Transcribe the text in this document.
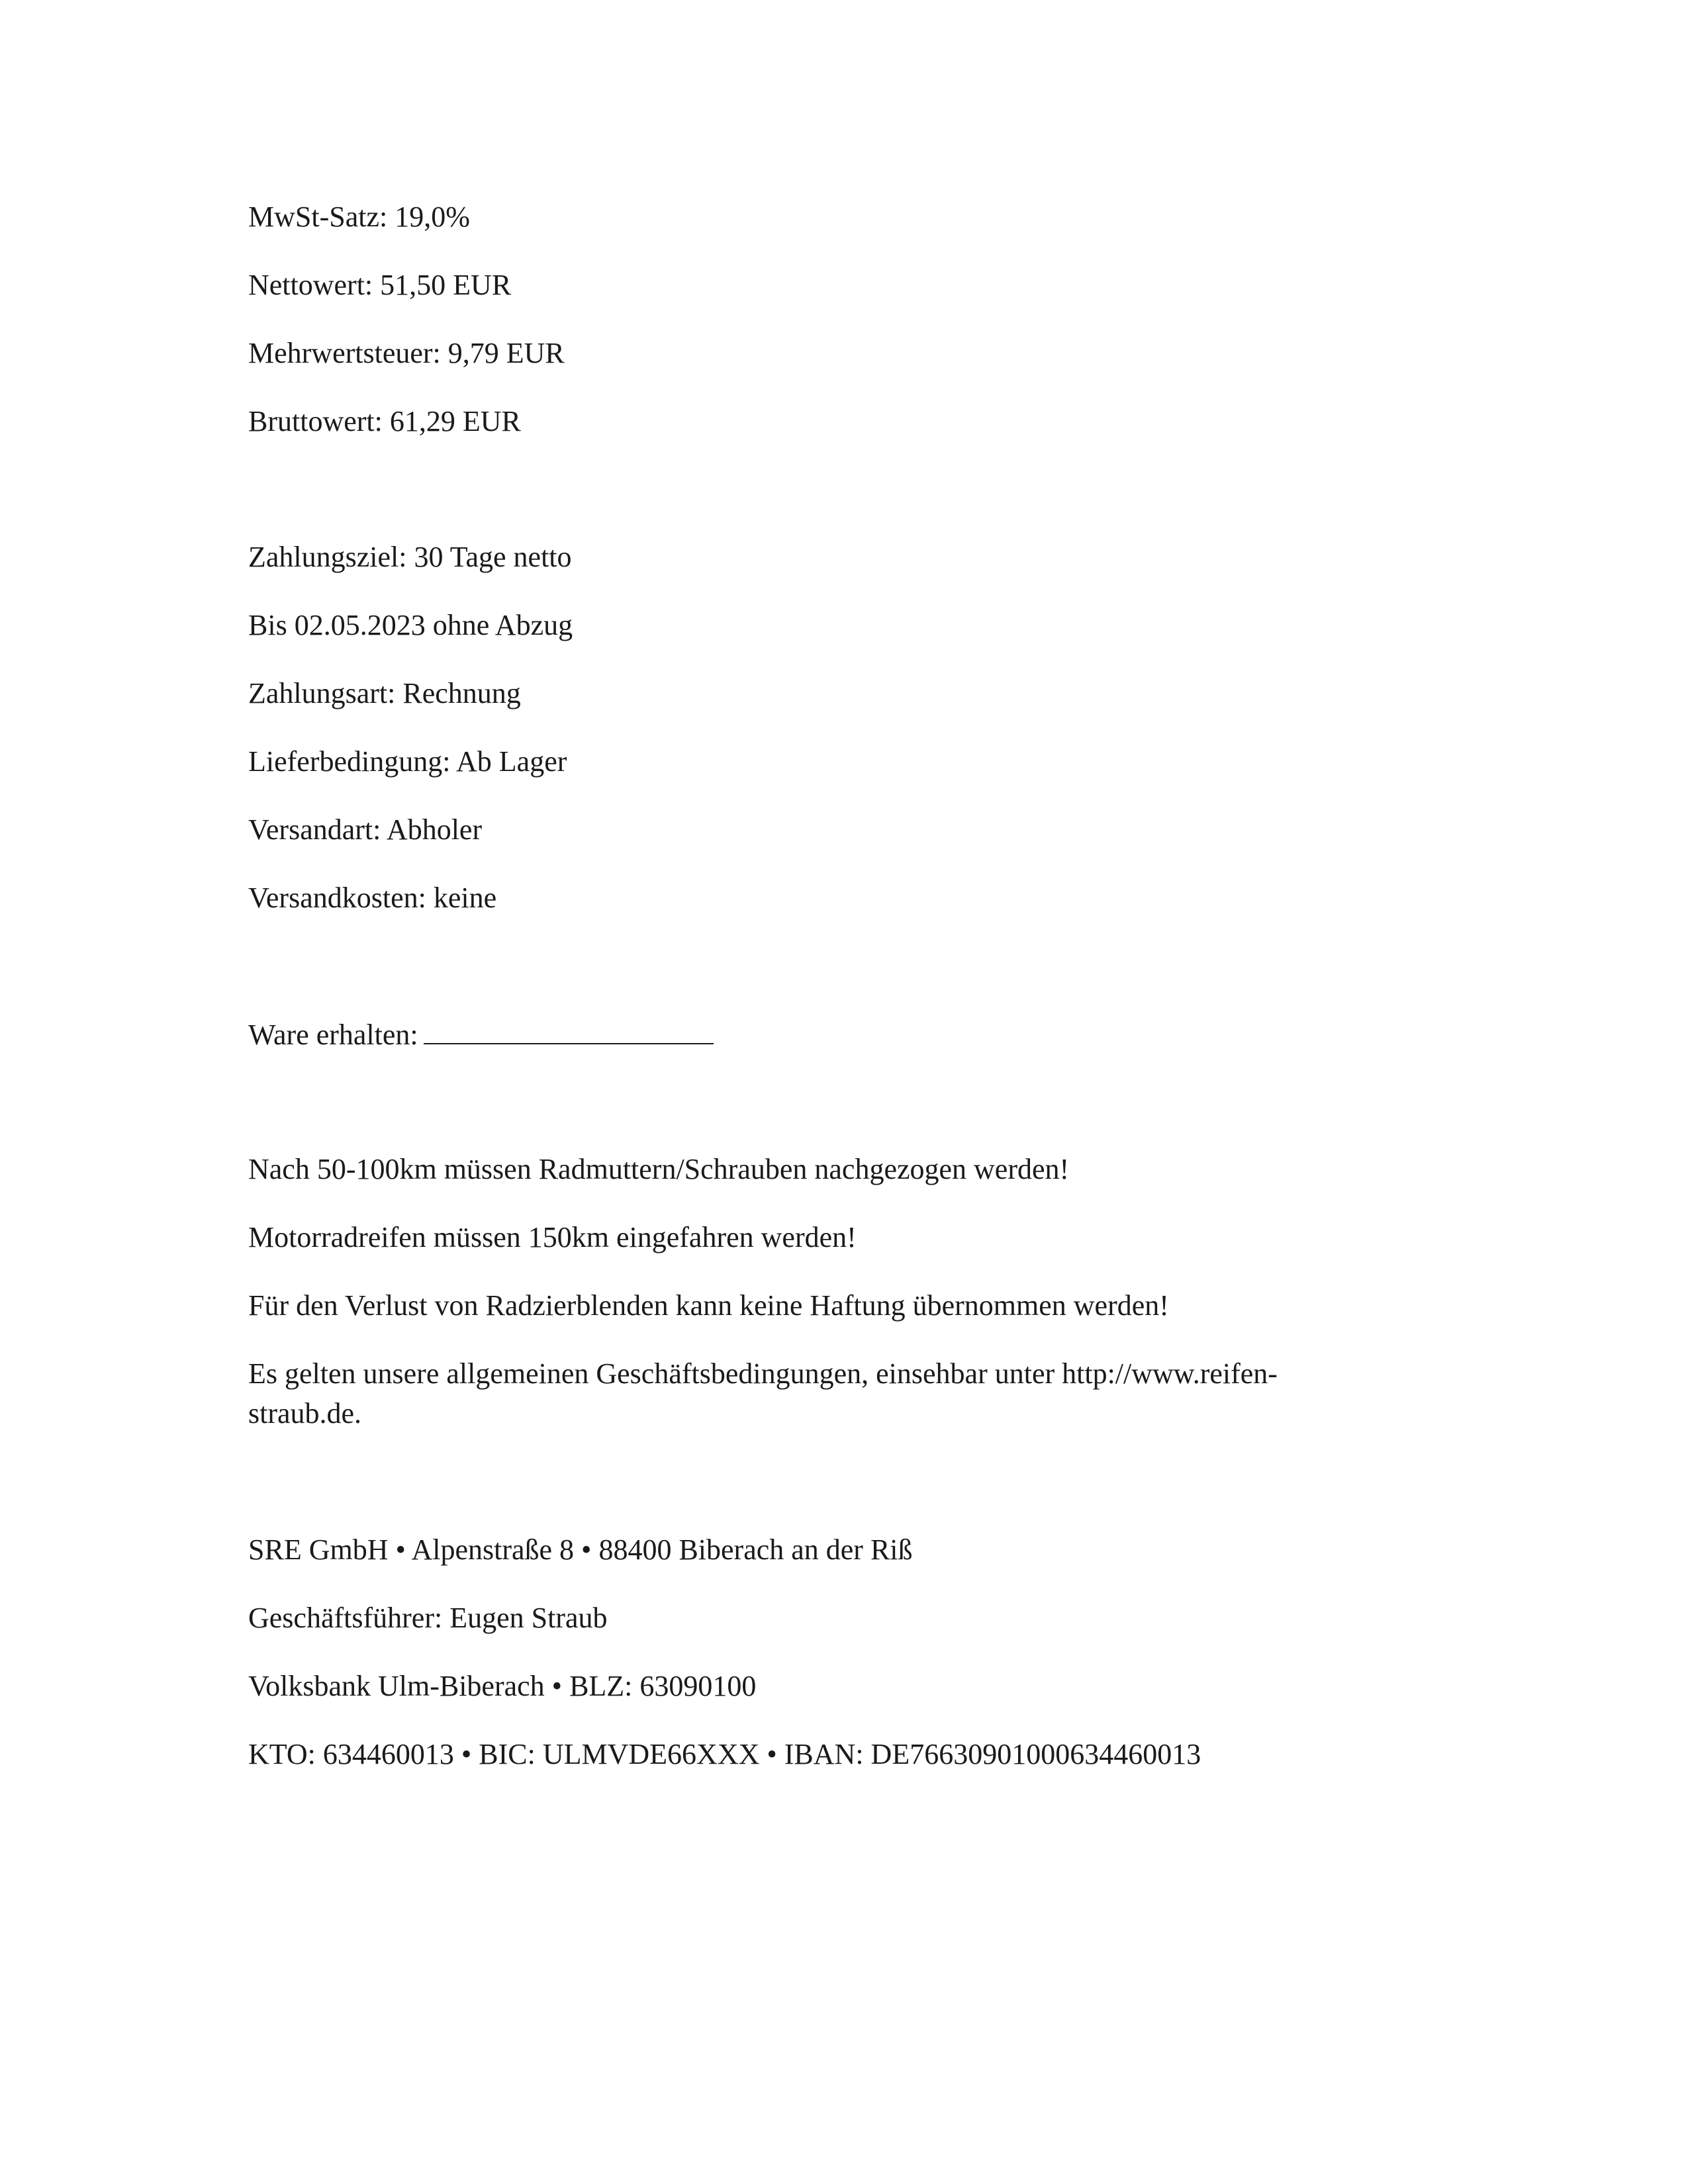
MwSt-Satz: 19,0%
Nettowert: 51,50 EUR
Mehrwertsteuer: 9,79 EUR
Bruttowert: 61,29 EUR
Zahlungsziel: 30 Tage netto
Bis 02.05.2023 ohne Abzug
Zahlungsart: Rechnung
Lieferbedingung: Ab Lager
Versandart: Abholer
Versandkosten: keine
Ware erhalten:
Nach 50-100km müssen Radmuttern/Schrauben nachgezogen werden!
Motorradreifen müssen 150km eingefahren werden!
Für den Verlust von Radzierblenden kann keine Haftung übernommen werden!
Es gelten unsere allgemeinen Geschäftsbedingungen, einsehbar unter http://www.reifen-
straub.de.
SRE GmbH • Alpenstraße 8 • 88400 Biberach an der Riß
Geschäftsführer: Eugen Straub
Volksbank Ulm-Biberach • BLZ: 63090100
KTO: 634460013 • BIC: ULMVDE66XXX • IBAN: DE76630901000634460013
